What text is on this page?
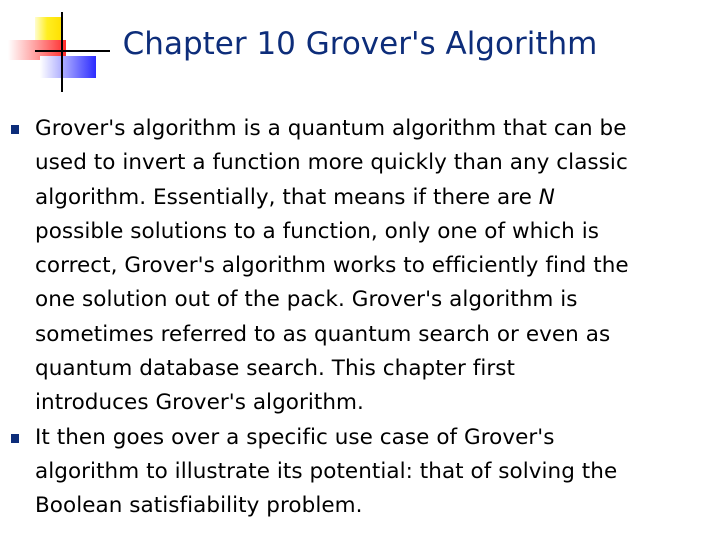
Chapter 10 Grover's Algorithm
Grover's algorithm is a quantum algorithm that can be
used to invert a function more quickly than any classic
algorithm. Essentially, that means if there are N
possible solutions to a function, only one of which is
correct, Grover's algorithm works to efficiently find the
one solution out of the pack. Grover's algorithm is
sometimes referred to as quantum search or even as
quantum database search. This chapter first
introduces Grover's algorithm.
It then goes over a specific use case of Grover's
algorithm to illustrate its potential: that of solving the
Boolean satisfiability problem.
